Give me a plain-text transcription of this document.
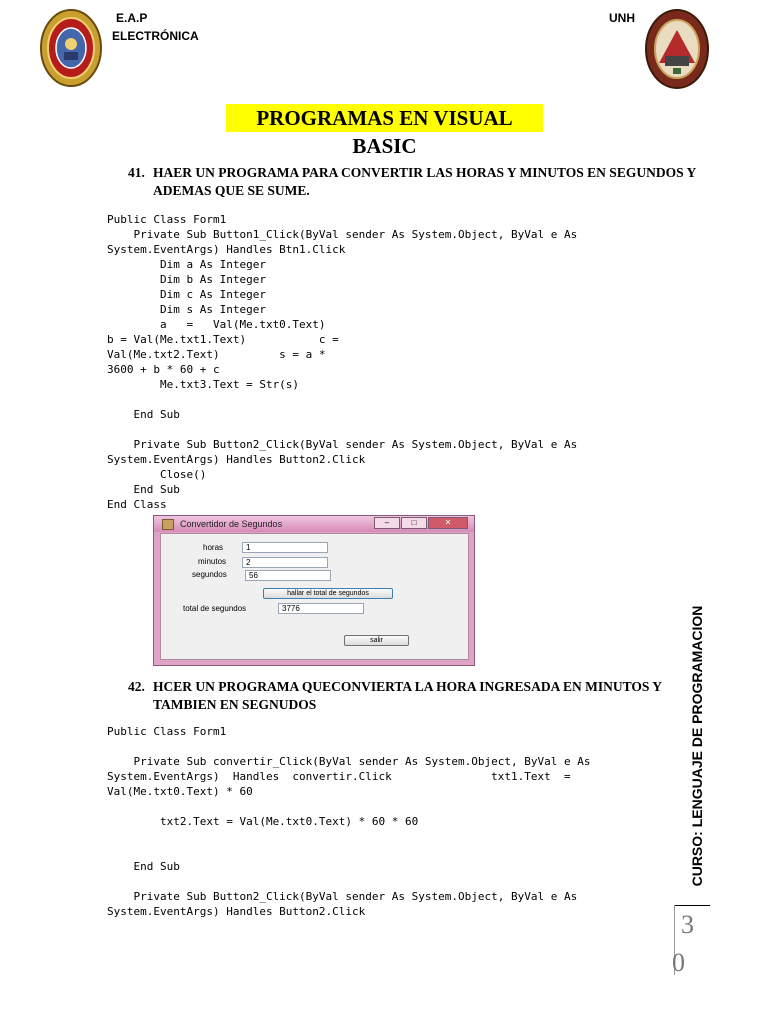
E.A.P
ELECTRÓNICA
UNH
PROGRAMAS EN VISUAL BASIC
41. HAER UN PROGRAMA PARA CONVERTIR LAS HORAS Y MINUTOS EN SEGUNDOS Y
ADEMAS QUE SE SUME.
Public Class Form1
Private Sub Button1_Click(ByVal sender As System.Object, ByVal e As
System.EventArgs) Handles Btn1.Click
Dim a As Integer
Dim b As Integer
Dim c As Integer
Dim s As Integer
a   =   Val(Me.txt0.Text)
b = Val(Me.txt1.Text)           c =
Val(Me.txt2.Text)         s = a *
3600 + b * 60 + c
Me.txt3.Text = Str(s)

End Sub

Private Sub Button2_Click(ByVal sender As System.Object, ByVal e As
System.EventArgs) Handles Button2.Click
Close()
End Sub
End Class
Convertidor de Segundos	–	□	✕
horas	1
minutos	2
segundos	56
hallar el total de segundos
total de segundos	3776
salir
42. HCER UN PROGRAMA QUECONVIERTA LA HORA INGRESADA EN MINUTOS Y
TAMBIEN EN SEGNUDOS
Public Class Form1

Private Sub convertir_Click(ByVal sender As System.Object, ByVal e As
System.EventArgs)  Handles  convertir.Click               txt1.Text  =
Val(Me.txt0.Text) * 60

txt2.Text = Val(Me.txt0.Text) * 60 * 60

End Sub

Private Sub Button2_Click(ByVal sender As System.Object, ByVal e As
System.EventArgs) Handles Button2.Click
CURSO: LENGUAJE DE PROGRAMACION
3
0
